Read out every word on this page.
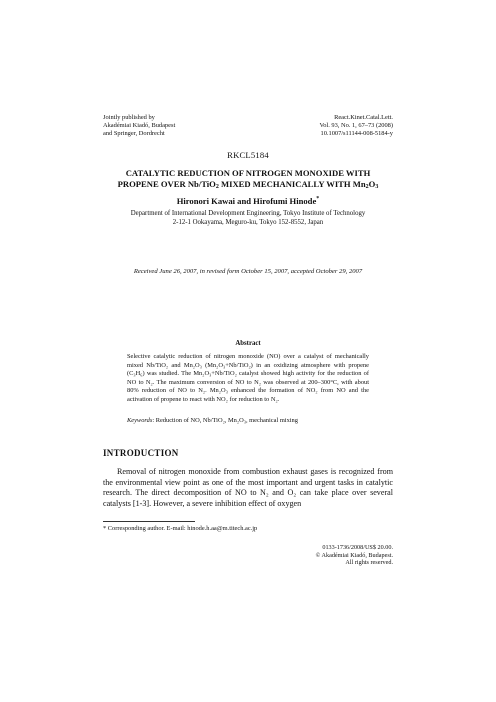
Jointly published by
Akadémiai Kiadó, Budapest
and Springer, Dordrecht
React.Kinet.Catal.Lett.
Vol. 93, No. 1, 67–73 (2008)
10.1007/s11144-008-5184-y
RKCL5184
CATALYTIC REDUCTION OF NITROGEN MONOXIDE WITH
PROPENE OVER Nb/TiO$_2$ MIXED MECHANICALLY WITH $Mn_2O_3$
Hironori Kawai and Hirofumi Hinode*
Department of International Development Engineering, Tokyo Institute of Technology
2-12-1 Ookayama, Meguro-ku, Tokyo 152-8552, Japan
Received June 26, 2007, in revised form October 15, 2007, accepted October 29, 2007
Abstract
Selective catalytic reduction of nitrogen monoxide (NO) over a catalyst of mechanically mixed Nb/TiO₂ and Mn₂O₃ (Mn₂O₃+Nb/TiO₂) in an oxidizing atmosphere with propene (C₃H₆) was studied. The Mn₂O₃+Nb/TiO₂ catalyst showed high activity for the reduction of NO to N₂. The maximum conversion of NO to N₂ was observed at 200–300°C, with about 80% reduction of NO to N₂. Mn₂O₃ enhanced the formation of NO₂ from NO and the activation of propene to react with NO₂ for reduction to N₂.
Keywords: Reduction of NO, Nb/TiO₂, Mn₂O₃, mechanical mixing
INTRODUCTION
Removal of nitrogen monoxide from combustion exhaust gases is recognized from the environmental view point as one of the most important and urgent tasks in catalytic research. The direct decomposition of NO to N₂ and O₂ can take place over several catalysts [1-3]. However, a severe inhibition effect of oxygen
* Corresponding author. E-mail: hinode.h.aa@m.titech.ac.jp
0133-1736/2008/US$ 20.00.
© Akadémiai Kiadó, Budapest.
All rights reserved.
